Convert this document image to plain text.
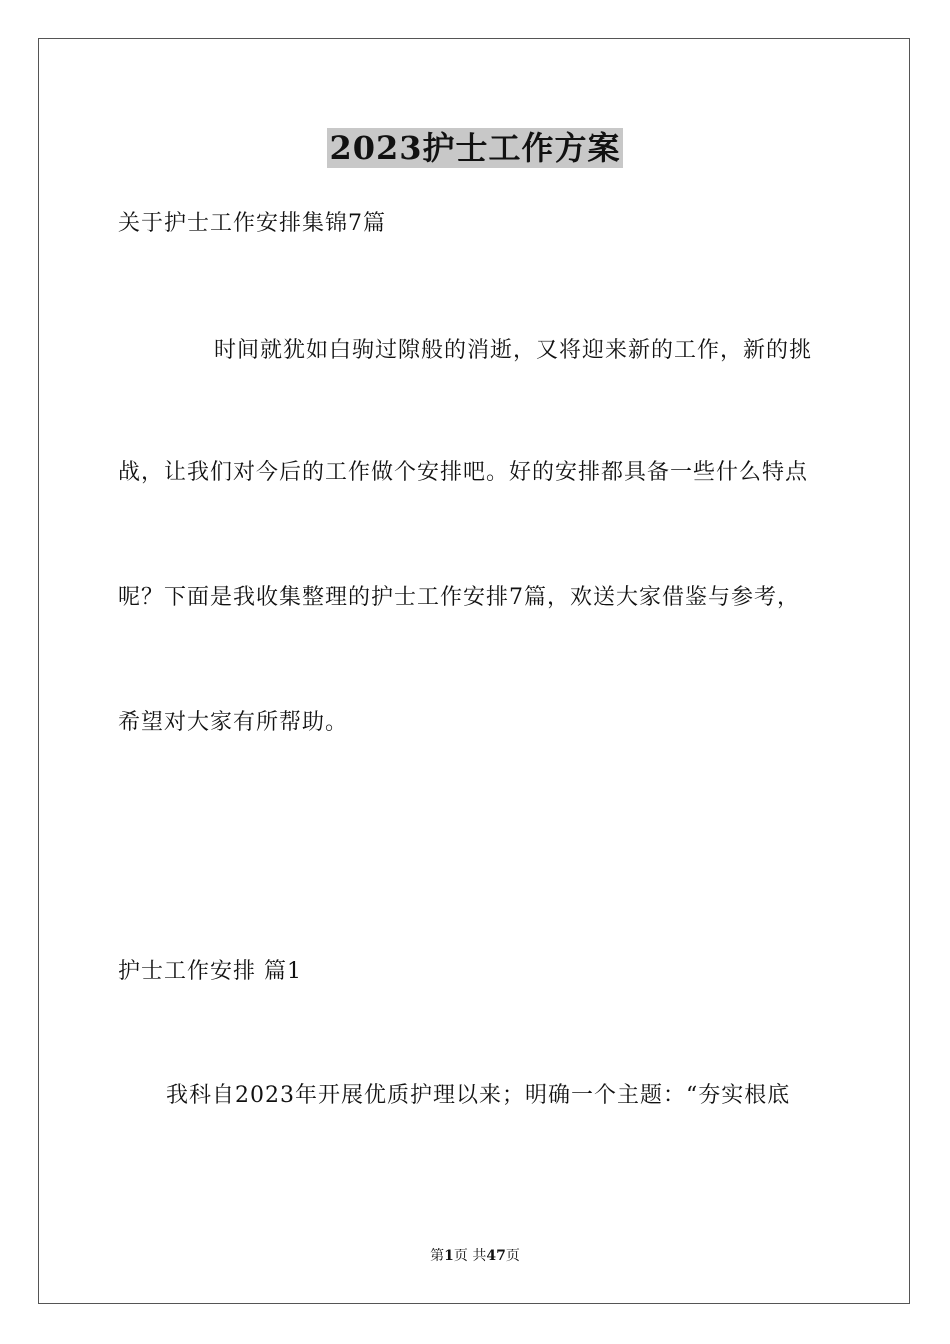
2023护士工作方案
关于护士工作安排集锦7篇
时间就犹如白驹过隙般的消逝，又将迎来新的工作，新的挑
战，让我们对今后的工作做个安排吧。好的安排都具备一些什么特点
呢？下面是我收集整理的护士工作安排7篇，欢送大家借鉴与参考，
希望对大家有所帮助。
护士工作安排 篇1
我科自2023年开展优质护理以来；明确一个主题：“夯实根底
第1页 共47页
